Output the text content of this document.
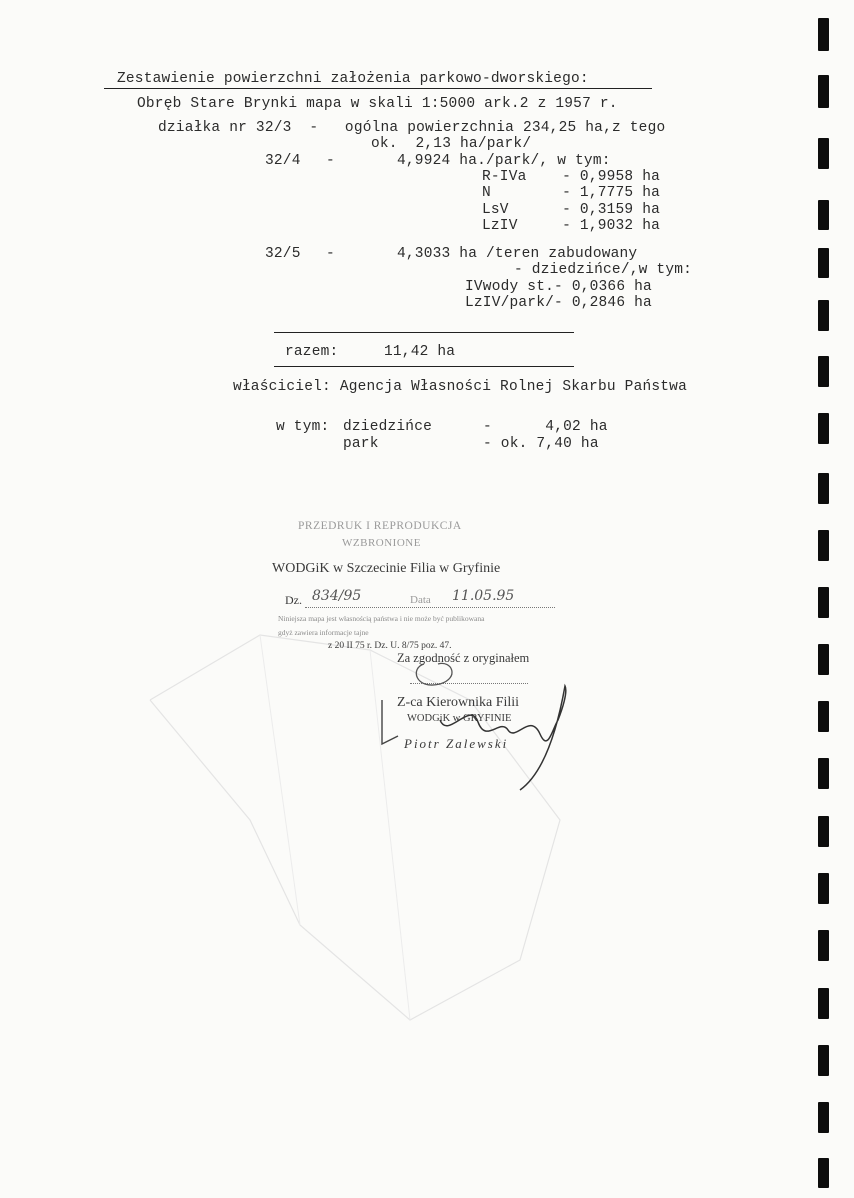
Zestawienie powierzchni założenia parkowo-dworskiego:
Obręb Stare Brynki mapa w skali 1:5000 ark.2 z 1957 r.
działka nr 32/3  -   ogólna powierzchnia 234,25 ha,z tego
ok.  2,13 ha/park/
32/4 -	4,9924 ha./park/, w tym:
R-IVa    - 0,9958 ha
N        - 1,7775 ha
LsV      - 0,3159 ha
LzIV     - 1,9032 ha
32/5 -	4,3033 ha /teren zabudowany
- dziedzińce/,w tym:
IVwody st.- 0,0366 ha
LzIV/park/- 0,2846 ha
razem:	11,42 ha
właściciel: Agencja Własności Rolnej Skarbu Państwa
w tym: dziedzińce	-      4,02 ha
park	- ok. 7,40 ha
PRZEDRUK I REPRODUKCJA
WZBRONIONE
WODGiK w Szczecinie Filia w Gryfinie
Dz. 834/95	Data 11.05.95
Niniejsza mapa jest własnością państwa i nie może być publikowana
gdyż zawiera informacje tajne
z 20 II 75 r. Dz. U. 8/75 poz. 47.
Za zgodność z oryginałem
Z-ca Kierownika Filii
WODGiK w GRYFINIE
Piotr Zalewski
